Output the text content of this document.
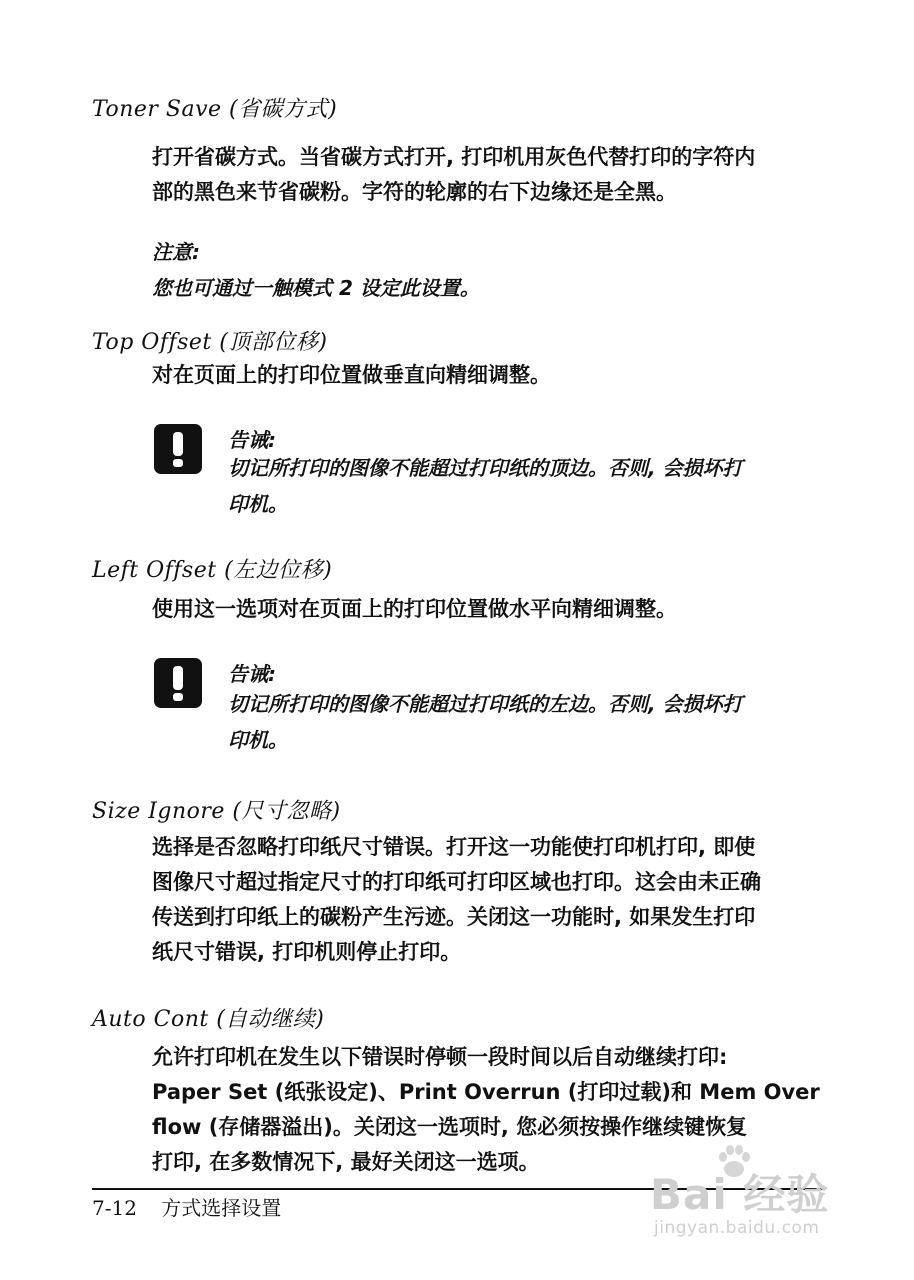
Toner Save (省碳方式)
打开省碳方式。当省碳方式打开, 打印机用灰色代替打印的字符内
部的黑色来节省碳粉。字符的轮廓的右下边缘还是全黑。
注意:
您也可通过一触模式 2 设定此设置。
Top Offset (顶部位移)
对在页面上的打印位置做垂直向精细调整。
告诫:
切记所打印的图像不能超过打印纸的顶边。否则, 会损坏打
印机。
Left Offset (左边位移)
使用这一选项对在页面上的打印位置做水平向精细调整。
告诫:
切记所打印的图像不能超过打印纸的左边。否则, 会损坏打
印机。
Size Ignore (尺寸忽略)
选择是否忽略打印纸尺寸错误。打开这一功能使打印机打印, 即使
图像尺寸超过指定尺寸的打印纸可打印区域也打印。这会由未正确
传送到打印纸上的碳粉产生污迹。关闭这一功能时, 如果发生打印
纸尺寸错误, 打印机则停止打印。
Auto Cont (自动继续)
允许打印机在发生以下错误时停顿一段时间以后自动继续打印:
Paper Set (纸张设定)、Print Overrun (打印过载)和 Mem Over
flow (存储器溢出)。关闭这一选项时, 您必须按操作继续键恢复
打印, 在多数情况下, 最好关闭这一选项。
7-12 方式选择设置	Bai 经验
jingyan.baidu.com
